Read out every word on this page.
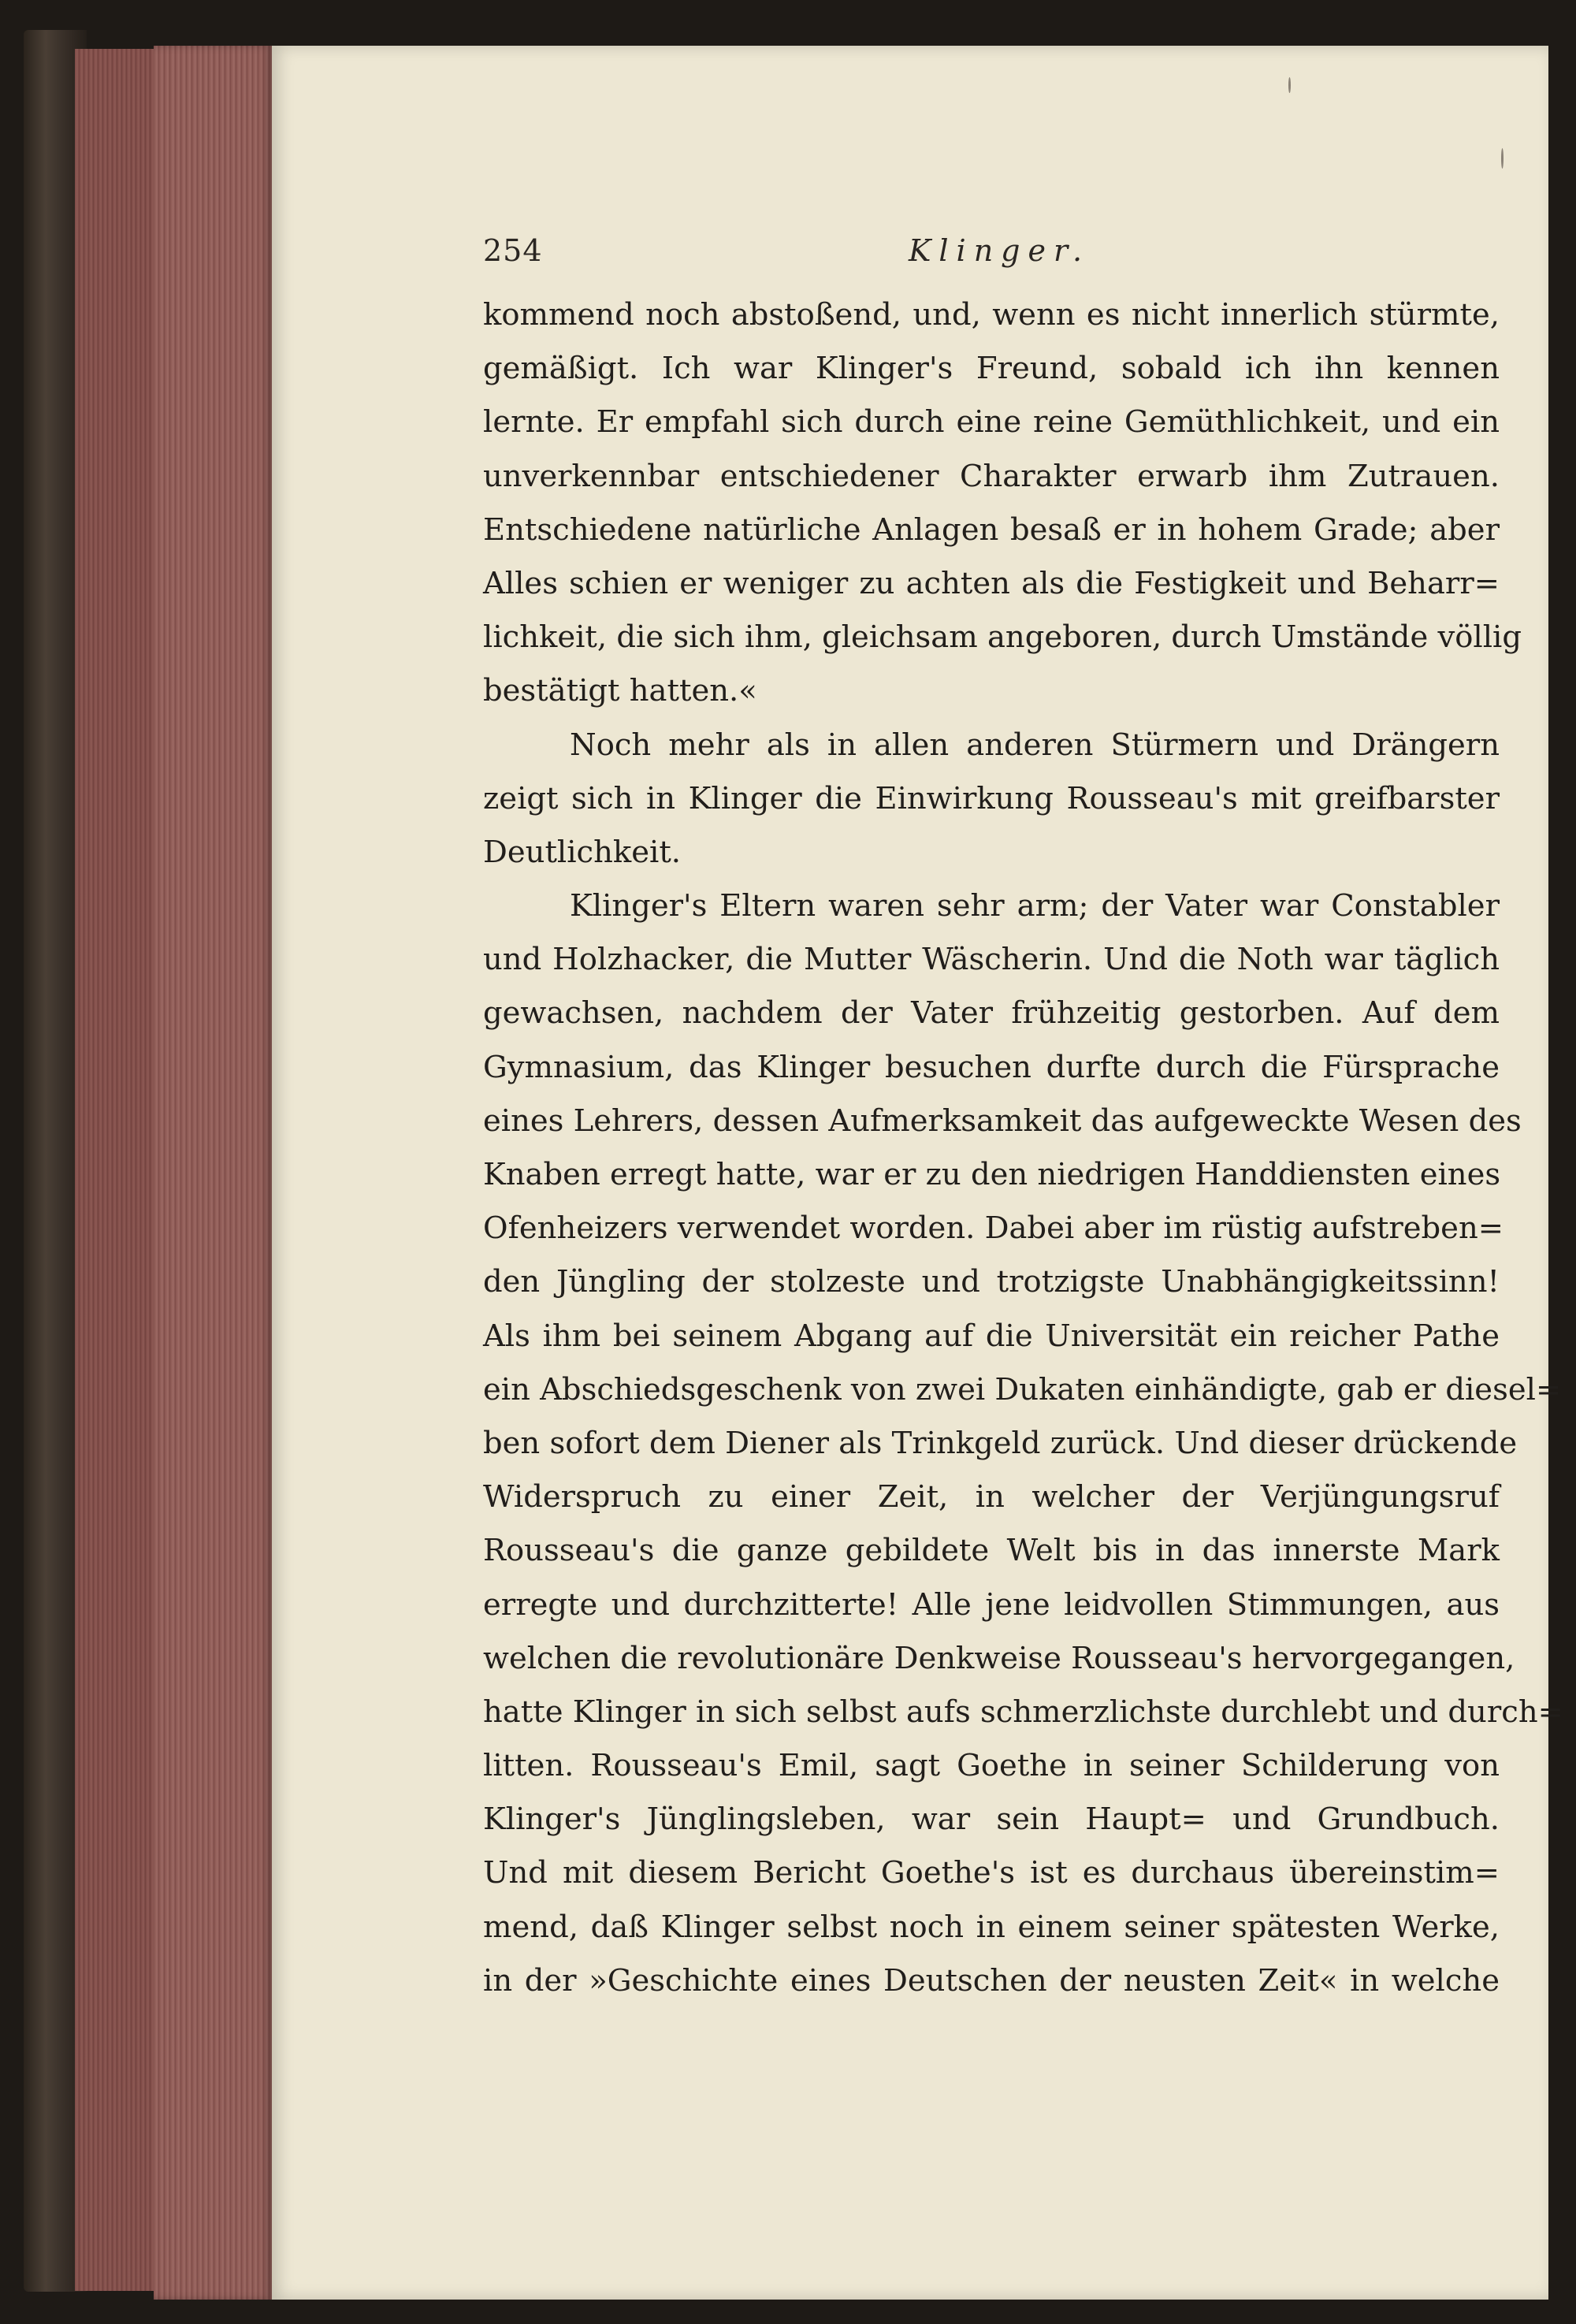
254	Klinger.

kommend noch abstoßend, und, wenn es nicht innerlich stürmte,
gemäßigt. Ich war Klinger's Freund, sobald ich ihn kennen
lernte. Er empfahl sich durch eine reine Gemüthlichkeit, und ein
unverkennbar entschiedener Charakter erwarb ihm Zutrauen.
Entschiedene natürliche Anlagen besaß er in hohem Grade; aber
Alles schien er weniger zu achten als die Festigkeit und Beharr=
lichkeit, die sich ihm, gleichsam angeboren, durch Umstände völlig
bestätigt hatten.«

Noch mehr als in allen anderen Stürmern und Drängern
zeigt sich in Klinger die Einwirkung Rousseau's mit greifbarster
Deutlichkeit.

Klinger's Eltern waren sehr arm; der Vater war Constabler
und Holzhacker, die Mutter Wäscherin. Und die Noth war täglich
gewachsen, nachdem der Vater frühzeitig gestorben. Auf dem
Gymnasium, das Klinger besuchen durfte durch die Fürsprache
eines Lehrers, dessen Aufmerksamkeit das aufgeweckte Wesen des
Knaben erregt hatte, war er zu den niedrigen Handdiensten eines
Ofenheizers verwendet worden. Dabei aber im rüstig aufstreben=
den Jüngling der stolzeste und trotzigste Unabhängigkeitssinn!
Als ihm bei seinem Abgang auf die Universität ein reicher Pathe
ein Abschiedsgeschenk von zwei Dukaten einhändigte, gab er diesel=
ben sofort dem Diener als Trinkgeld zurück. Und dieser drückende
Widerspruch zu einer Zeit, in welcher der Verjüngungsruf
Rousseau's die ganze gebildete Welt bis in das innerste Mark
erregte und durchzitterte! Alle jene leidvollen Stimmungen, aus
welchen die revolutionäre Denkweise Rousseau's hervorgegangen,
hatte Klinger in sich selbst aufs schmerzlichste durchlebt und durch=
litten. Rousseau's Emil, sagt Goethe in seiner Schilderung von
Klinger's Jünglingsleben, war sein Haupt= und Grundbuch.
Und mit diesem Bericht Goethe's ist es durchaus übereinstim=
mend, daß Klinger selbst noch in einem seiner spätesten Werke,
in der »Geschichte eines Deutschen der neusten Zeit« in welche
